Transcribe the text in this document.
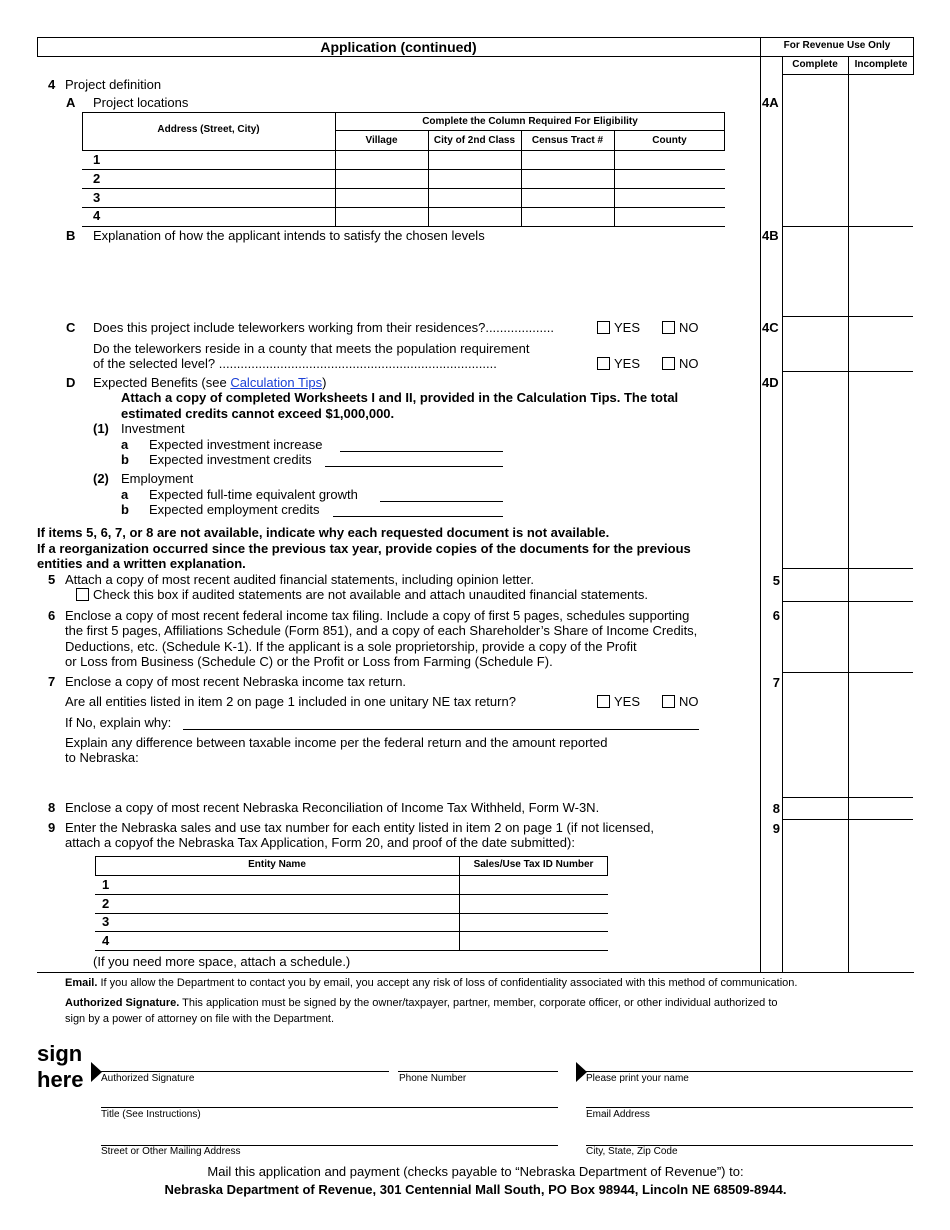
Application (continued)	For Revenue Use Only
Complete	Incomplete
4A
4B
4C
4D
5
6
7
8
9
4 Project definition
A Project locations
Address (Street, City)
Complete the Column Required For Eligibility
Village	City of 2nd Class	Census Tract #	County
1
2
3
4
B Explanation of how the applicant intends to satisfy the chosen levels
C Does this project include teleworkers working from their residences?...................	YES	NO
Do the teleworkers reside in a county that meets the population requirement
of the selected level? .............................................................................	YES	NO
D Expected Benefits (see Calculation Tips)
Attach a copy of completed Worksheets I and II, provided in the Calculation Tips. The total
estimated credits cannot exceed $1,000,000.
(1) Investment
a Expected investment increase
b Expected investment credits
(2) Employment
a Expected full-time equivalent growth
b Expected employment credits
If items 5, 6, 7, or 8 are not available, indicate why each requested document is not available.
If a reorganization occurred since the previous tax year, provide copies of the documents for the previous
entities and a written explanation.
5 Attach a copy of most recent audited financial statements, including opinion letter.
Check this box if audited statements are not available and attach unaudited financial statements.
6 Enclose a copy of most recent federal income tax filing. Include a copy of first 5 pages, schedules supporting
the first 5 pages, Affiliations Schedule (Form 851), and a copy of each Shareholder’s Share of Income Credits,
Deductions, etc. (Schedule K-1). If the applicant is a sole proprietorship, provide a copy of the Profit
or Loss from Business (Schedule C) or the Profit or Loss from Farming (Schedule F).
7 Enclose a copy of most recent Nebraska income tax return.
Are all entities listed in item 2 on page 1 included in one unitary NE tax return?	YES	NO
If No, explain why:
Explain any difference between taxable income per the federal return and the amount reported
to Nebraska:
8 Enclose a copy of most recent Nebraska Reconciliation of Income Tax Withheld, Form W-3N.
9 Enter the Nebraska sales and use tax number for each entity listed in item 2 on page 1 (if not licensed,
attach a copyof the Nebraska Tax Application, Form 20, and proof of the date submitted):
Entity Name	Sales/Use Tax ID Number
1
2
3
4
(If you need more space, attach a schedule.)
Email. If you allow the Department to contact you by email, you accept any risk of loss of confidentiality associated with this method of communication.
Authorized Signature. This application must be signed by the owner/taxpayer, partner, member, corporate officer, or other individual authorized to
sign by a power of attorney on file with the Department.
sign
here Authorized Signature	Phone Number	Please print your name
Title (See Instructions)	Email Address
Street or Other Mailing Address	City, State, Zip Code
Mail this application and payment (checks payable to “Nebraska Department of Revenue”) to:
Nebraska Department of Revenue, 301 Centennial Mall South, PO Box 98944, Lincoln NE 68509-8944.
